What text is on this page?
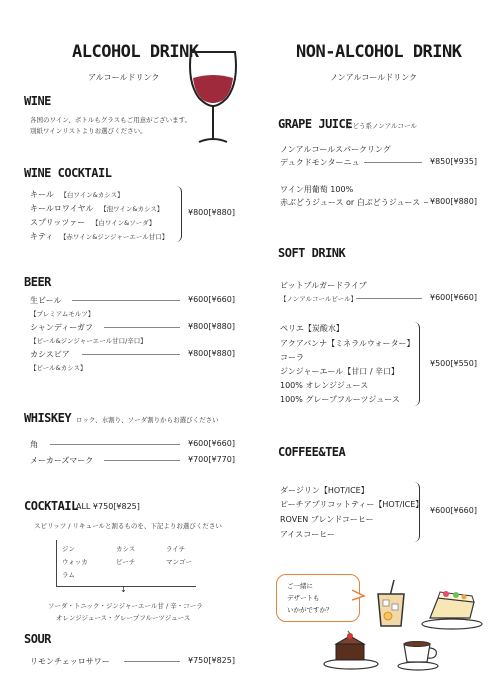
ALCOHOL DRINK
アルコールドリンク
WINE
各国のワイン、ボトルもグラスもご用意がございます。
別紙ワインリストよりお選びください。
WINE COCKTAIL
キール 【白ワイン&カシス】
キールロワイヤル 【泡ワイン&カシス】
スプリッツァー 【白ワイン&ソーダ】
キティ 【赤ワイン&ジンジャーエール甘口】
¥800[¥880]
BEER
生ビール	¥600[¥660]
【プレミアムモルツ】
シャンディーガフ	¥800[¥880]
【ビール&ジンジャーエール甘口/辛口】
カシスビア	¥800[¥880]
【ビール&カシス】
WHISKEY ロック、水割り、ソーダ割りからお選びください
角	¥600[¥660]
メーカーズマーク	¥700[¥770]
COCKTAIL
ALL ¥750[¥825]
スピリッツ / リキュールと割るものを、下記よりお選びください
ジン	カシス	ライチ
ウォッカ	ピーチ	マンゴー
ラム
↓
ソーダ・トニック・ジンジャーエール甘 / 辛・コーラ
オレンジジュース・グレープフルーツジュース
SOUR
リモンチェッロサワー	¥750[¥825]
NON-ALCOHOL DRINK
ノンアルコールドリンク
GRAPE JUICE
ぶどう系ノンアルコール
ノンアルコールスパークリング
デュクドモンターニュ	¥850[¥935]
ワイン用葡萄 100%
赤ぶどうジュース or 白ぶどうジュース ¥800[¥880]
SOFT DRINK
ビットブルガードライブ
【ノンアルコールビール】	¥600[¥660]
ペリエ【炭酸水】
アクアパンナ【ミネラルウォーター】
コーラ
ジンジャーエール【甘口 / 辛口】
100% オレンジジュース
100% グレープフルーツジュース
¥500[¥550]
COFFEE&TEA
ダージリン【HOT/ICE】
ピーチアプリコットティー【HOT/ICE】
ROVEN ブレンドコーヒー
アイスコーヒー
¥600[¥660]
ご一緒に
デザートも
いかがですか？
